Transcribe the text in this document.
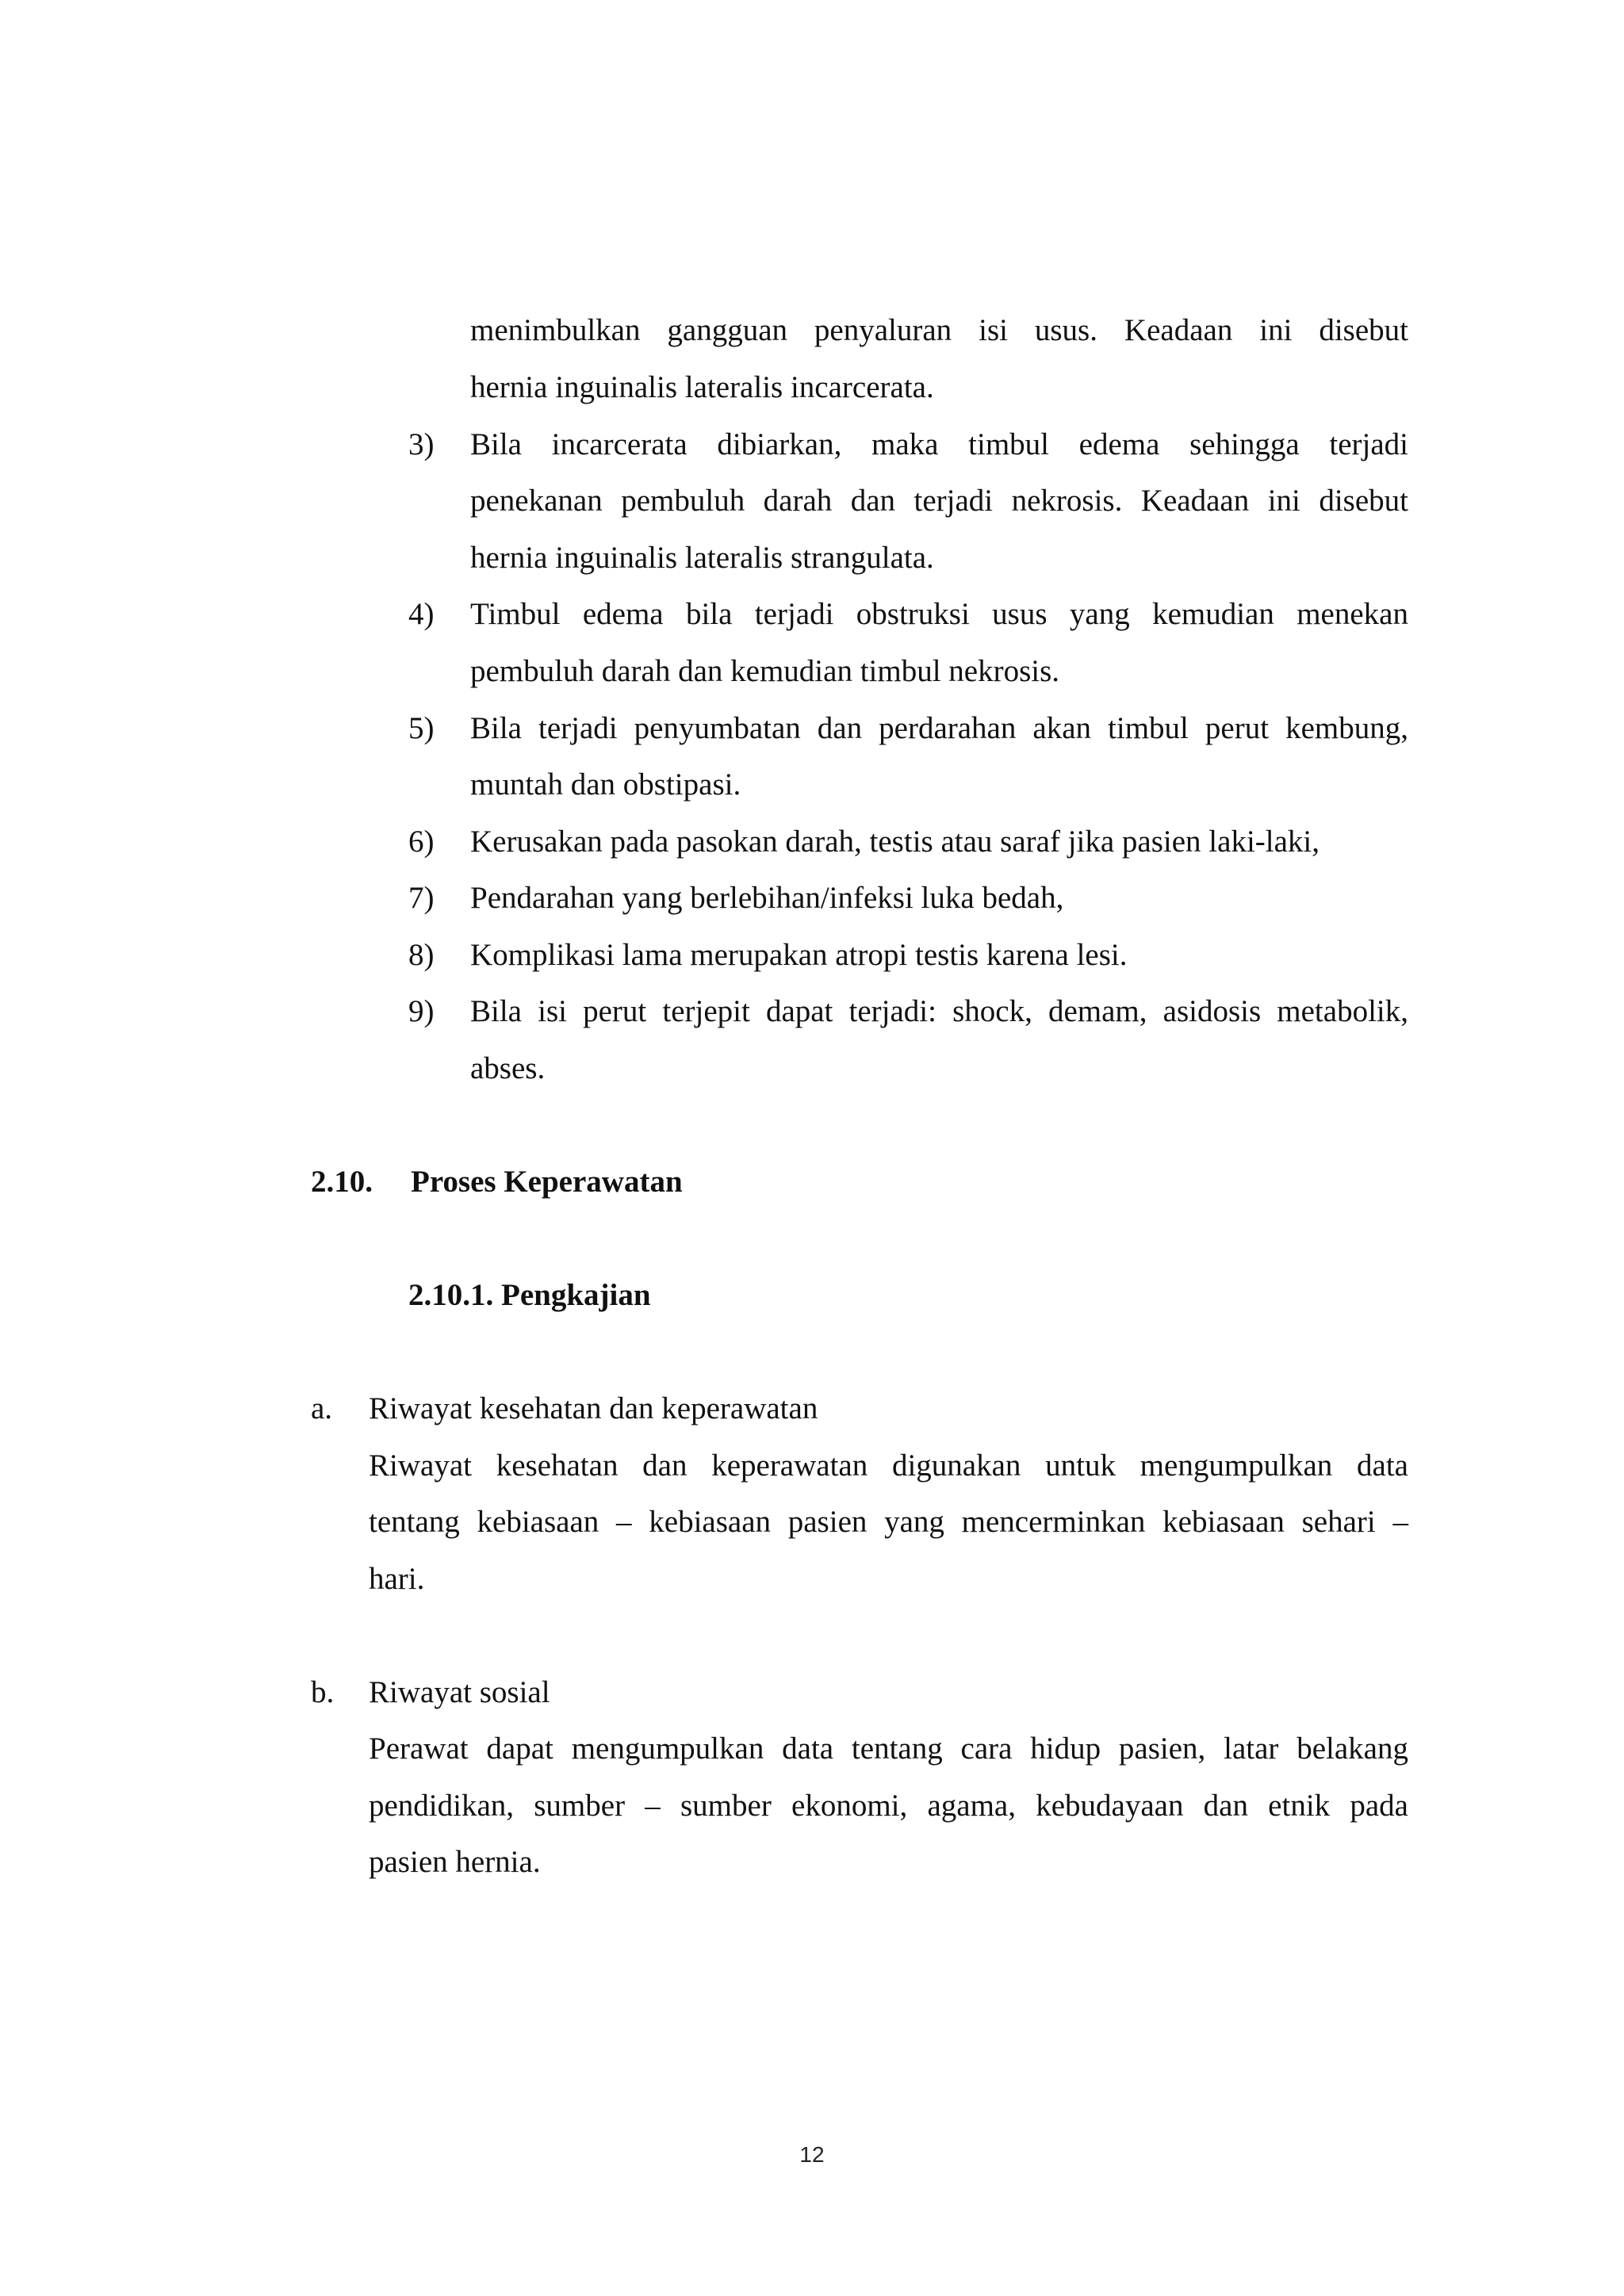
menimbulkan gangguan penyaluran isi usus. Keadaan ini disebut
hernia inguinalis lateralis incarcerata.
3) Bila incarcerata dibiarkan, maka timbul edema sehingga terjadi
penekanan pembuluh darah dan terjadi nekrosis. Keadaan ini disebut
hernia inguinalis lateralis strangulata.
4) Timbul edema bila terjadi obstruksi usus yang kemudian menekan
pembuluh darah dan kemudian timbul nekrosis.
5) Bila terjadi penyumbatan dan perdarahan akan timbul perut kembung,
muntah dan obstipasi.
6) Kerusakan pada pasokan darah, testis atau saraf jika pasien laki-laki,
7) Pendarahan yang berlebihan/infeksi luka bedah,
8) Komplikasi lama merupakan atropi testis karena lesi.
9) Bila isi perut terjepit dapat terjadi: shock, demam, asidosis metabolik,
abses.
2.10. Proses Keperawatan
2.10.1. Pengkajian
a. Riwayat kesehatan dan keperawatan
Riwayat kesehatan dan keperawatan digunakan untuk mengumpulkan data
tentang kebiasaan – kebiasaan pasien yang mencerminkan kebiasaan sehari –
hari.
b. Riwayat sosial
Perawat dapat mengumpulkan data tentang cara hidup pasien, latar belakang
pendidikan, sumber – sumber ekonomi, agama, kebudayaan dan etnik pada
pasien hernia.
12
